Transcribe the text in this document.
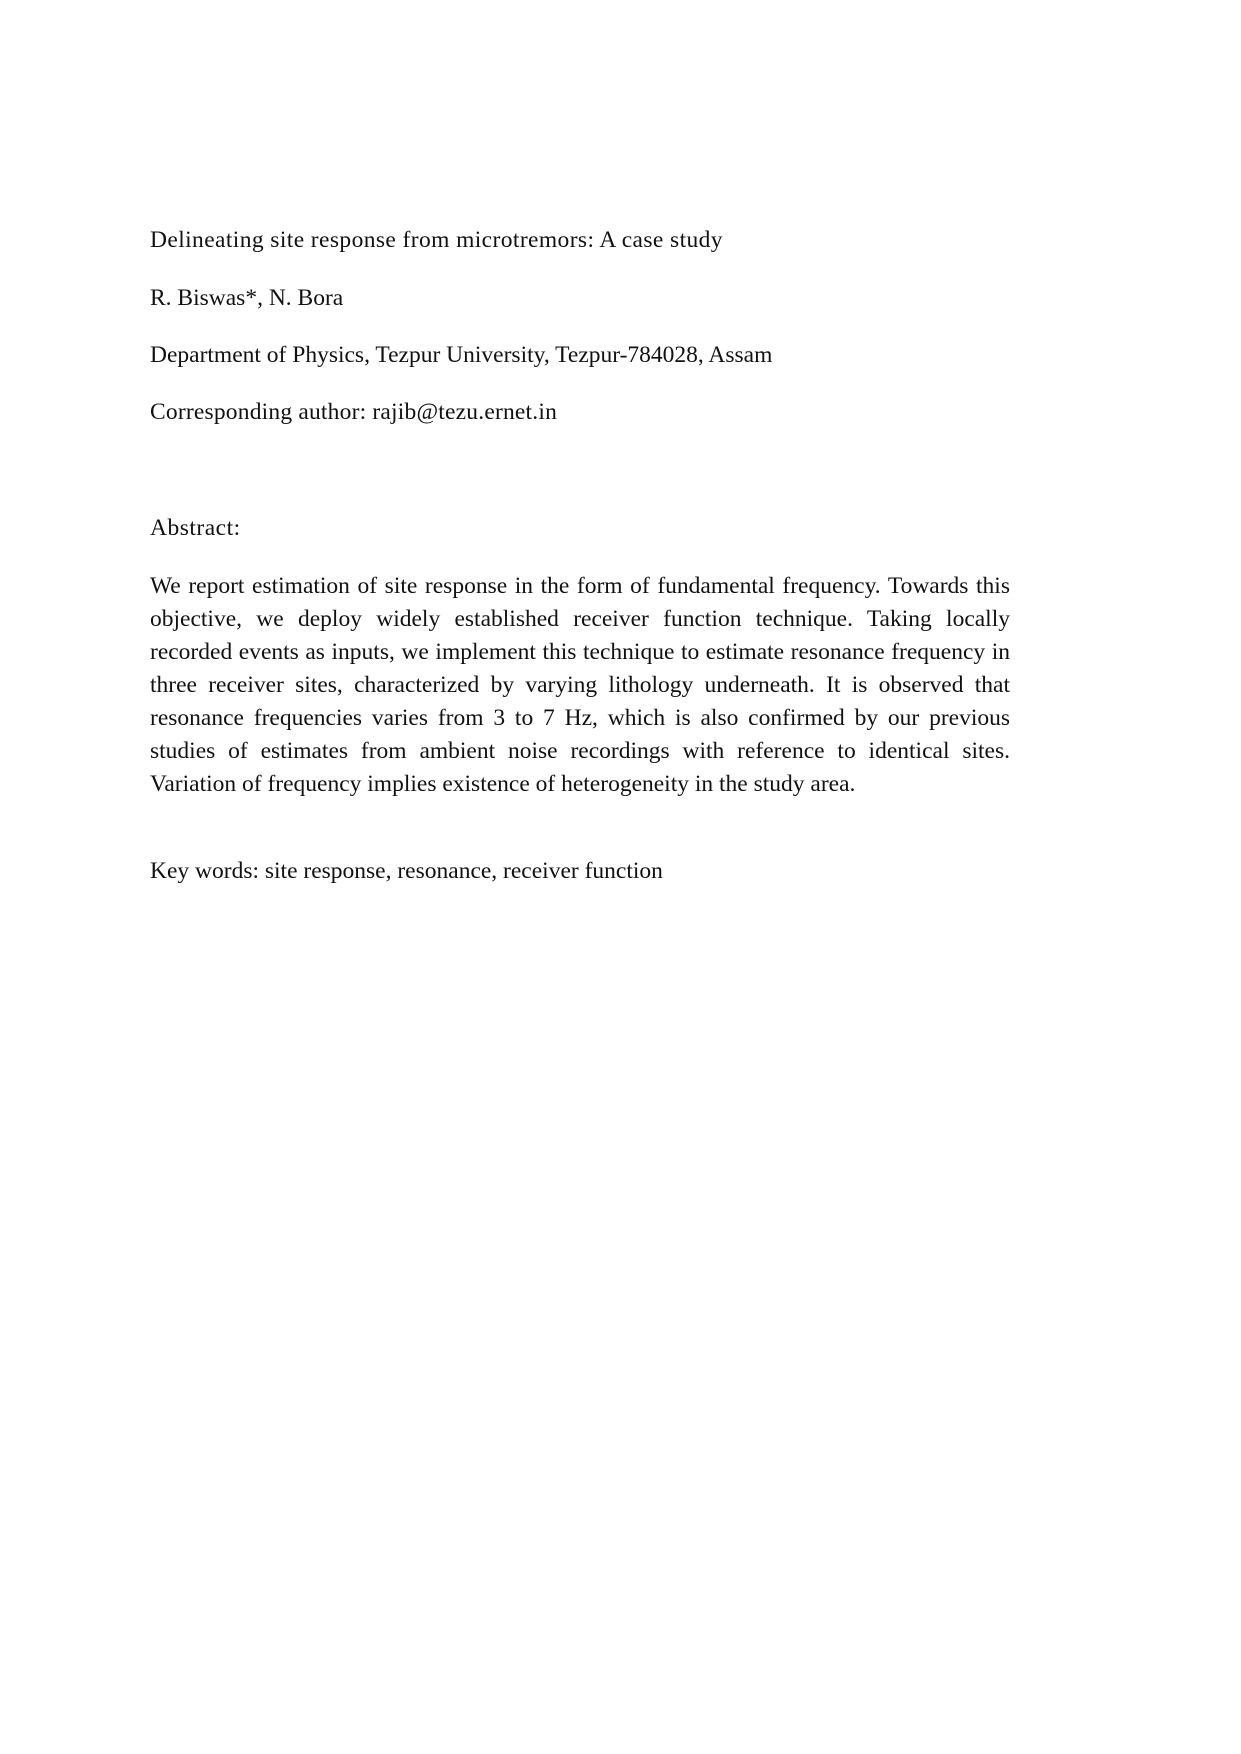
Delineating site response from microtremors: A case study
R. Biswas*, N. Bora
Department of Physics, Tezpur University, Tezpur-784028, Assam
Corresponding author: rajib@tezu.ernet.in
Abstract:
We report estimation of site response in the form of fundamental frequency. Towards this objective, we deploy widely established receiver function technique. Taking locally recorded events as inputs, we implement this technique to estimate resonance frequency in three receiver sites, characterized by varying lithology underneath. It is observed that resonance frequencies varies from 3 to 7 Hz, which is also confirmed by our previous studies of estimates from ambient noise recordings with reference to identical sites. Variation of frequency implies existence of heterogeneity in the study area.
Key words: site response, resonance, receiver function
